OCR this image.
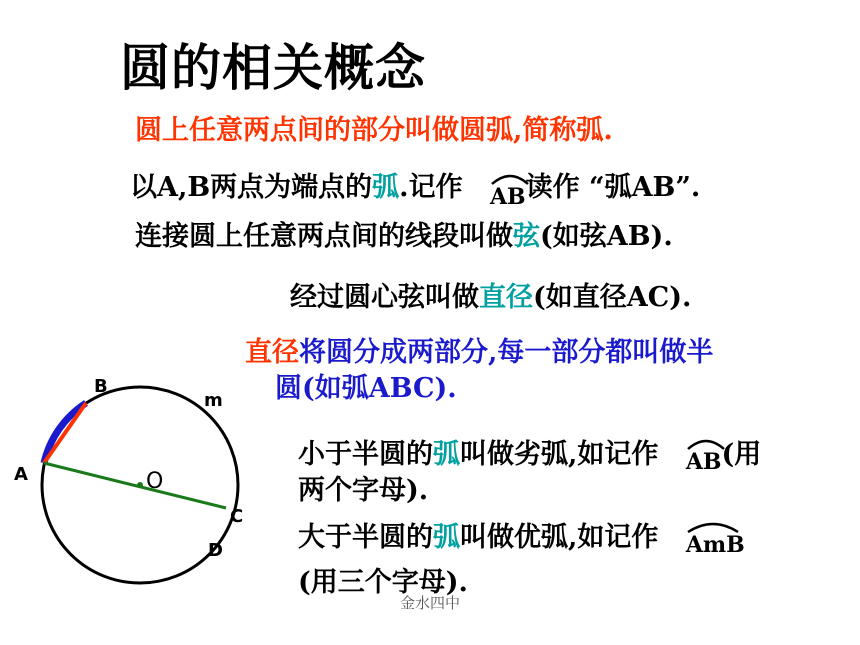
圆的相关概念
圆上任意两点间的部分叫做圆弧,简称弧.
以A,B两点为端点的弧.记作 AB读作 “弧AB”.
连接圆上任意两点间的线段叫做弦(如弦AB).
经过圆心弦叫做直径(如直径AC).
直径将圆分成两部分,每一部分都叫做半
圆(如弧ABC).
小于半圆的弧叫做劣弧,如记作 AB(用
两个字母).
大于半圆的弧叫做优弧,如记作 AmB
(用三个字母).
A
B
C
D
O
m
金水四中
